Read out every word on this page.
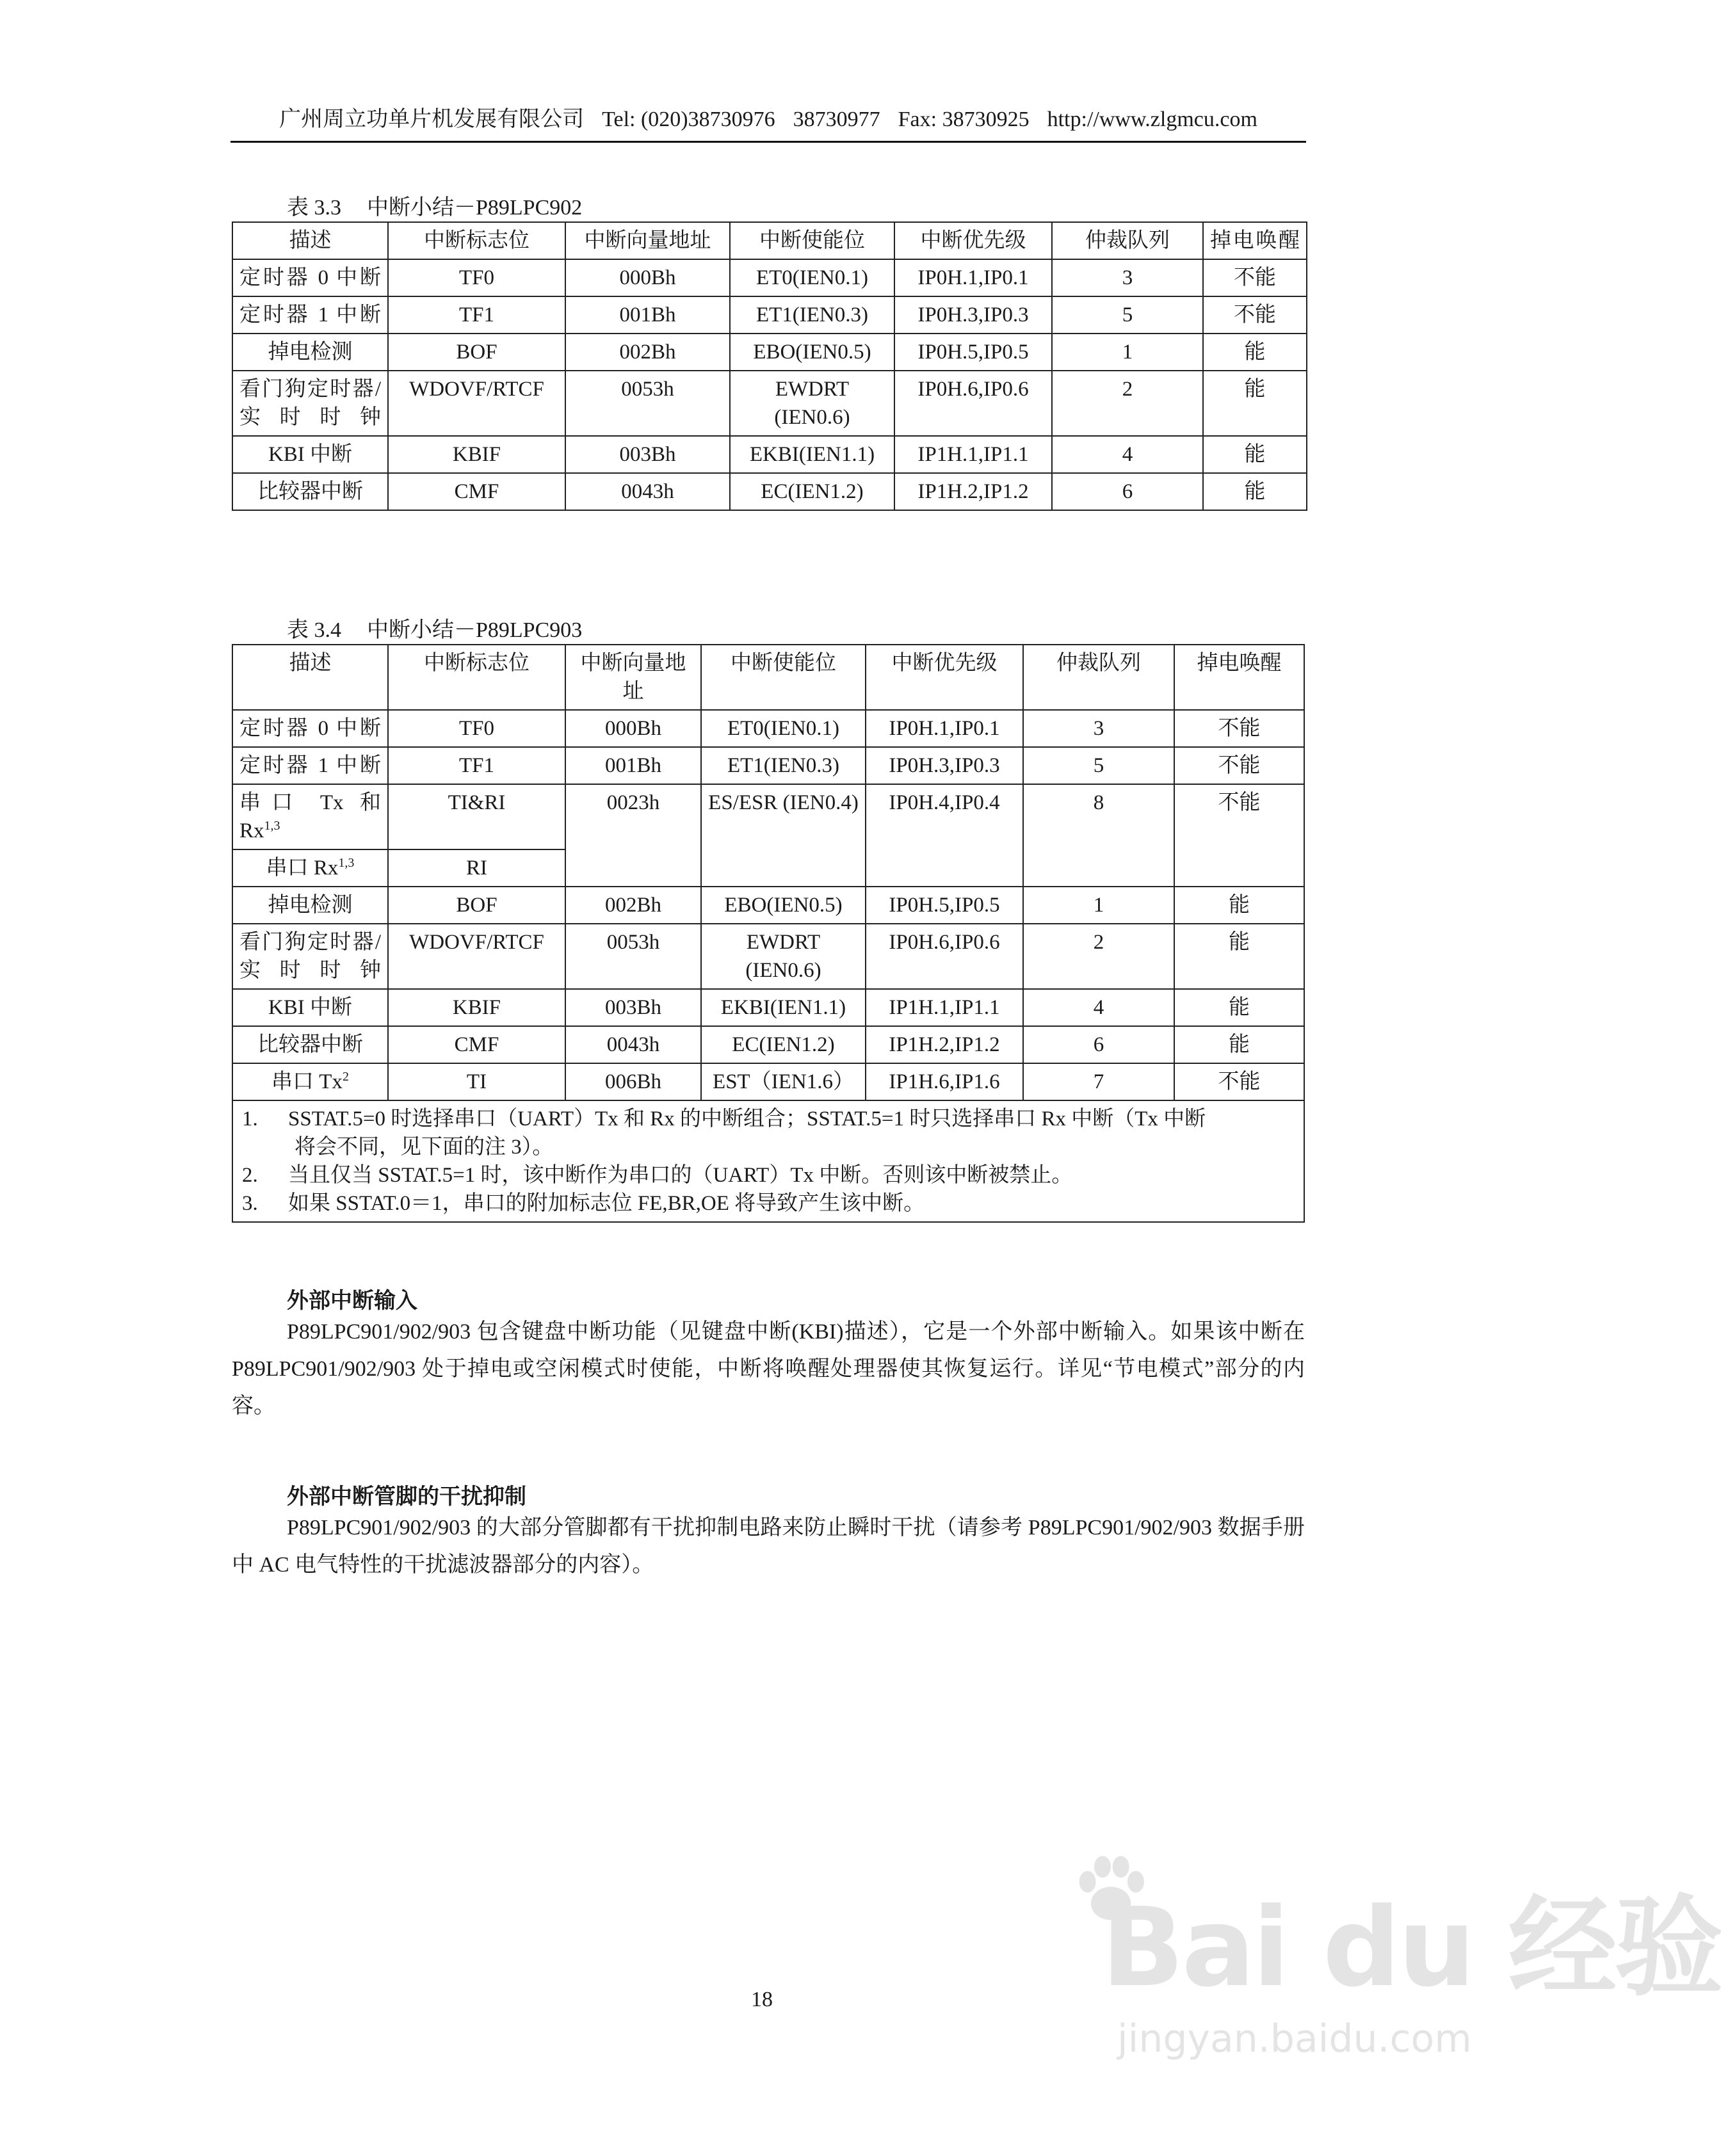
广州周立功单片机发展有限公司 Tel: (020)38730976 38730977 Fax: 38730925 http://www.zlgmcu.com
表 3.3 中断小结－P89LPC902
描述	中断标志位	中断向量地址	中断使能位	中断优先级	仲裁队列	掉电唤醒
定时器 0 中断	TF0	000Bh	ET0(IEN0.1)	IP0H.1,IP0.1	3	不能
定时器 1 中断	TF1	001Bh	ET1(IEN0.3)	IP0H.3,IP0.3	5	不能
掉电检测	BOF	002Bh	EBO(IEN0.5)	IP0H.5,IP0.5	1	能
看门狗定时器/实时时钟	WDOVF/RTCF	0053h	EWDRT (IEN0.6)	IP0H.6,IP0.6	2	能
KBI 中断	KBIF	003Bh	EKBI(IEN1.1)	IP1H.1,IP1.1	4	能
比较器中断	CMF	0043h	EC(IEN1.2)	IP1H.2,IP1.2	6	能
表 3.4 中断小结－P89LPC903
描述	中断标志位	中断向量地址	中断使能位	中断优先级	仲裁队列	掉电唤醒
定时器 0 中断	TF0	000Bh	ET0(IEN0.1)	IP0H.1,IP0.1	3	不能
定时器 1 中断	TF1	001Bh	ET1(IEN0.3)	IP0H.3,IP0.3	5	不能
串口 Tx 和 Rx$^{1,3}$	TI&RI	0023h	ES/ESR (IEN0.4)	IP0H.4,IP0.4	8	不能
串口 Rx$^{1,3}$	RI					
掉电检测	BOF	002Bh	EBO(IEN0.5)	IP0H.5,IP0.5	1	能
看门狗定时器/实时时钟	WDOVF/RTCF	0053h	EWDRT (IEN0.6)	IP0H.6,IP0.6	2	能
KBI 中断	KBIF	003Bh	EKBI(IEN1.1)	IP1H.1,IP1.1	4	能
比较器中断	CMF	0043h	EC(IEN1.2)	IP1H.2,IP1.2	6	能
串口 Tx$^2$	TI	006Bh	EST（IEN1.6）	IP1H.6,IP1.6	7	不能

1. SSTAT.5=0 时选择串口（UART）Tx 和 Rx 的中断组合；SSTAT.5=1 时只选择串口 Rx 中断（Tx 中断
将会不同，见下面的注 3）。
2. 当且仅当 SSTAT.5=1 时，该中断作为串口的（UART）Tx 中断。否则该中断被禁止。
3. 如果 SSTAT.0＝1，串口的附加标志位 FE,BR,OE 将导致产生该中断。						
外部中断输入

P89LPC901/902/903 包含键盘中断功能（见键盘中断(KBI)描述），它是一个外部中断输入。如果该中断在 P89LPC901/902/903 处于掉电或空闲模式时使能，中断将唤醒处理器使其恢复运行。详见“节电模式”部分的内容。

外部中断管脚的干扰抑制

P89LPC901/902/903 的大部分管脚都有干扰抑制电路来防止瞬时干扰（请参考 P89LPC901/902/903 数据手册中 AC 电气特性的干扰滤波器部分的内容）。

18	Bai du 经验
jingyan.baidu.com
